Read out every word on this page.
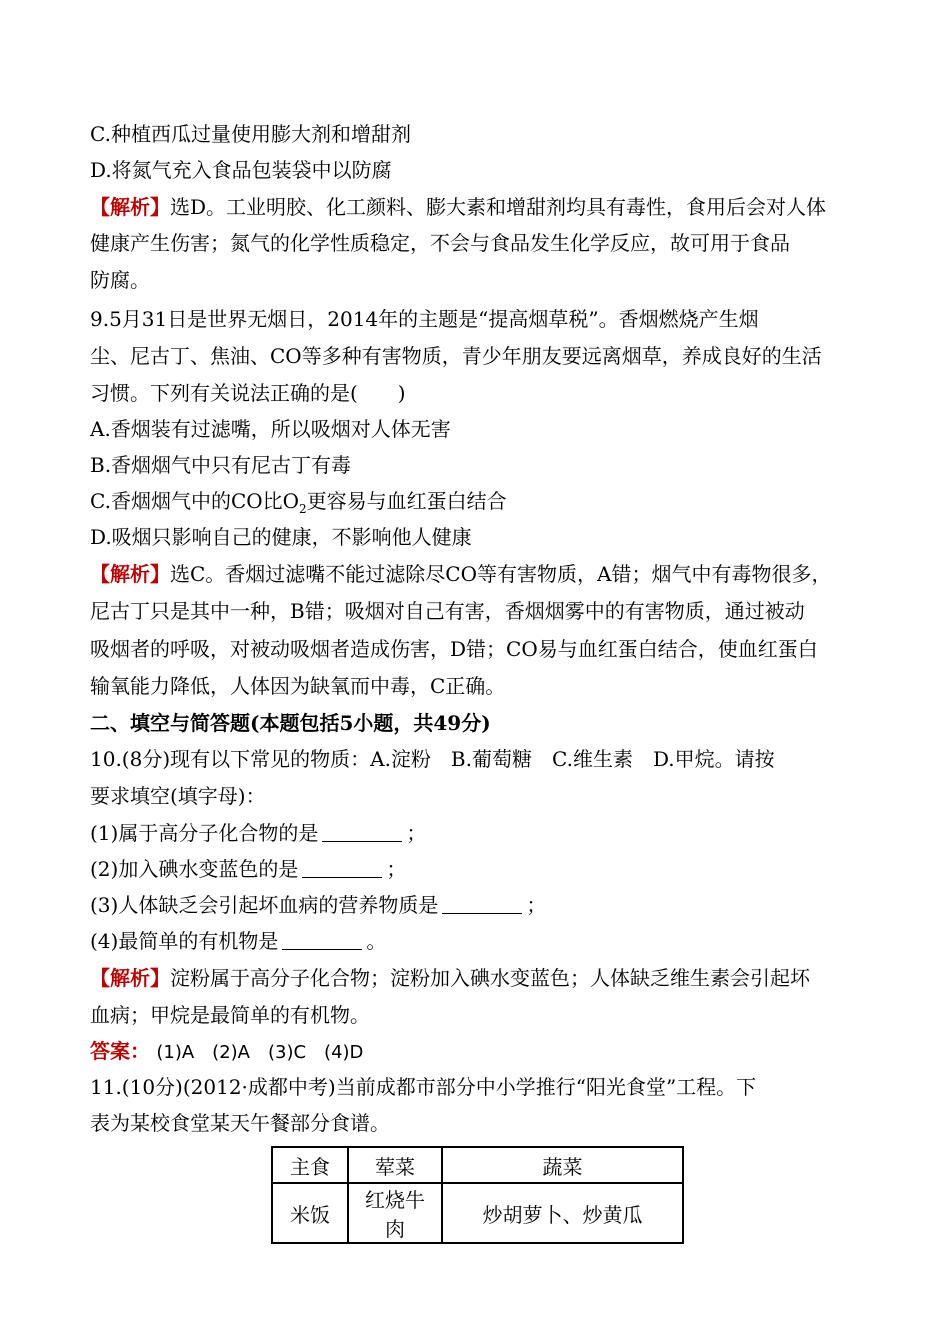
C.种植西瓜过量使用膨大剂和增甜剂
D.将氮气充入食品包装袋中以防腐
【解析】选D。工业明胶、化工颜料、膨大素和增甜剂均具有毒性，食用后会对人体
健康产生伤害；氮气的化学性质稳定，不会与食品发生化学反应，故可用于食品
防腐。
9.5月31日是世界无烟日，2014年的主题是“提高烟草税”。香烟燃烧产生烟
尘、尼古丁、焦油、CO等多种有害物质，青少年朋友要远离烟草，养成良好的生活
习惯。下列有关说法正确的是(　　)
A.香烟装有过滤嘴，所以吸烟对人体无害
B.香烟烟气中只有尼古丁有毒
C.香烟烟气中的CO比$O_2$更容易与血红蛋白结合
D.吸烟只影响自己的健康，不影响他人健康
【解析】选C。香烟过滤嘴不能过滤除尽CO等有害物质，A错；烟气中有毒物很多，
尼古丁只是其中一种，B错；吸烟对自己有害，香烟烟雾中的有害物质，通过被动
吸烟者的呼吸，对被动吸烟者造成伤害，D错；CO易与血红蛋白结合，使血红蛋白
输氧能力降低，人体因为缺氧而中毒，C正确。
二、填空与简答题(本题包括5小题，共49分)
10.(8分)现有以下常见的物质：A.淀粉　B.葡萄糖　C.维生素　D.甲烷。请按
要求填空(填字母)：
(1)属于高分子化合物的是	；
(2)加入碘水变蓝色的是	；
(3)人体缺乏会引起坏血病的营养物质是	；
(4)最简单的有机物是	。
【解析】淀粉属于高分子化合物；淀粉加入碘水变蓝色；人体缺乏维生素会引起坏
血病；甲烷是最简单的有机物。
答案： (1)A　(2)A　(3)C　(4)D
11.(10分)(2012·成都中考)当前成都市部分中小学推行“阳光食堂”工程。下
表为某校食堂某天午餐部分食谱。
主食	荤菜	蔬菜
米饭	红烧牛肉	炒胡萝卜、炒黄瓜
